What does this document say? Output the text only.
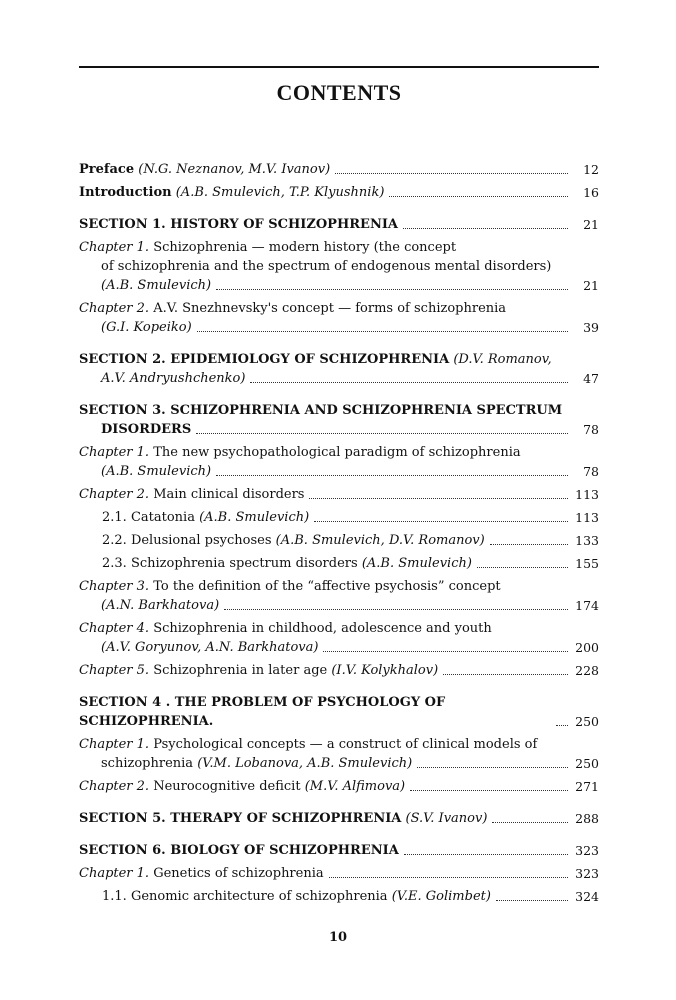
CONTENTS
Preface (N.G. Neznanov, M.V. Ivanov)	12
Introduction (A.B. Smulevich, T.P. Klyushnik)	16
SECTION 1. HISTORY OF SCHIZOPHRENIA	21
Chapter 1. Schizophrenia — modern history (the concept
of schizophrenia and the spectrum of endogenous mental disorders)
(A.B. Smulevich)	21
Chapter 2. A.V. Snezhnevsky's concept — forms of schizophrenia
(G.I. Kopeiko)	39
SECTION 2. EPIDEMIOLOGY OF SCHIZOPHRENIA (D.V. Romanov,
A.V. Andryushchenko)	47
SECTION 3. SCHIZOPHRENIA AND SCHIZOPHRENIA SPECTRUM
DISORDERS	78
Chapter 1. The new psychopathological paradigm of schizophrenia
(A.B. Smulevich)	78
Chapter 2. Main clinical disorders	113
2.1. Catatonia (A.B. Smulevich)	113
2.2. Delusional psychoses (A.B. Smulevich, D.V. Romanov)	133
2.3. Schizophrenia spectrum disorders (A.B. Smulevich)	155
Chapter 3. To the definition of the “affective psychosis” concept
(A.N. Barkhatova)	174
Chapter 4. Schizophrenia in childhood, adolescence and youth
(A.V. Goryunov, A.N. Barkhatova)	200
Chapter 5. Schizophrenia in later age (I.V. Kolykhalov)	228
SECTION 4 . THE PROBLEM OF PSYCHOLOGY OF SCHIZOPHRENIA.	250
Chapter 1. Psychological concepts — a construct of clinical models of
schizophrenia (V.M. Lobanova, A.B. Smulevich)	250
Chapter 2. Neurocognitive deficit (M.V. Alfimova)	271
SECTION 5. THERAPY OF SCHIZOPHRENIA (S.V. Ivanov)	288
SECTION 6. BIOLOGY OF SCHIZOPHRENIA	323
Chapter 1. Genetics of schizophrenia	323
1.1. Genomic architecture of schizophrenia (V.E. Golimbet)	324
10
